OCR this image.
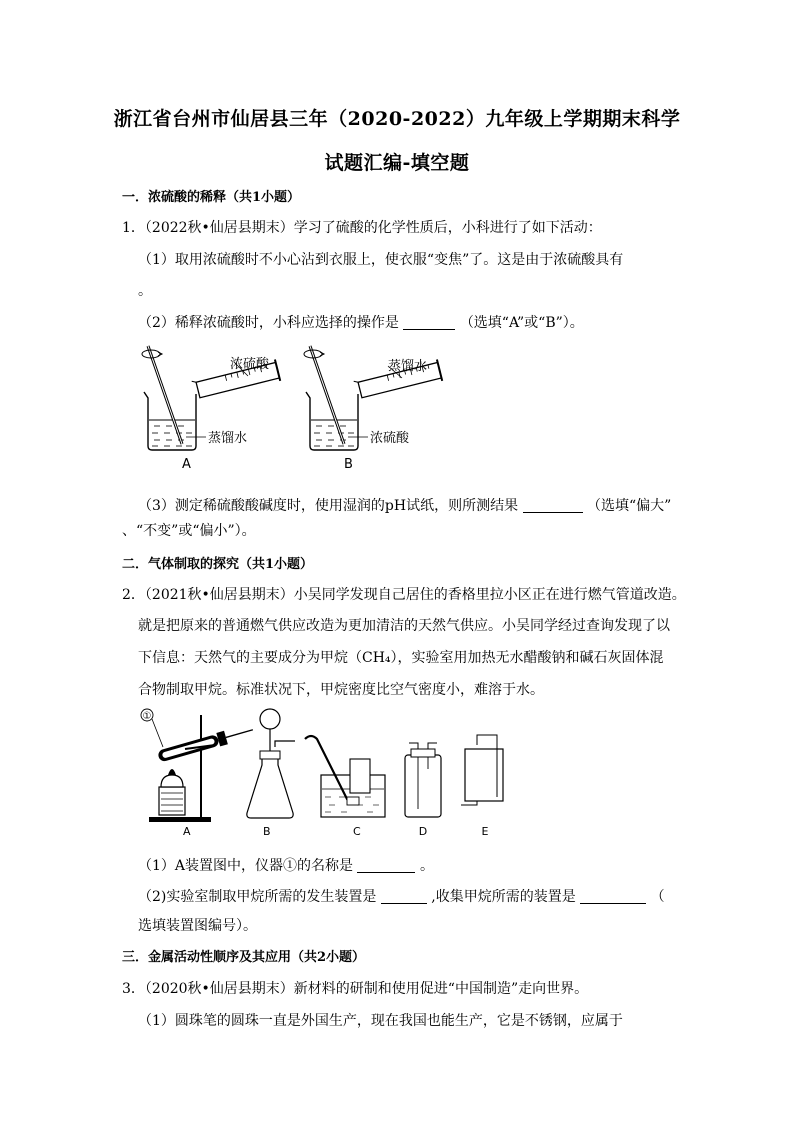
浙江省台州市仙居县三年（2020-2022）九年级上学期期末科学
试题汇编-填空题
一．浓硫酸的稀释（共1小题）
1．（2022秋•仙居县期末）学习了硫酸的化学性质后，小科进行了如下活动：
（1）取用浓硫酸时不小心沾到衣服上，使衣服“变焦”了。这是由于浓硫酸具有
。
（2）稀释浓硫酸时，小科应选择的操作是	（选填“A”或“B”）。
浓硫酸
蒸馏水
A
蒸馏水
浓硫酸
B
（3）测定稀硫酸酸碱度时，使用湿润的pH试纸，则所测结果	（选填“偏大”
、“不变”或“偏小”）。
二．气体制取的探究（共1小题）
2．（2021秋•仙居县期末）小吴同学发现自己居住的香格里拉小区正在进行燃气管道改造。
就是把原来的普通燃气供应改造为更加清洁的天然气供应。小吴同学经过查询发现了以
下信息：天然气的主要成分为甲烷（CH₄），实验室用加热无水醋酸钠和碱石灰固体混
合物制取甲烷。标准状况下，甲烷密度比空气密度小，难溶于水。
①
A	B	C	D	E
（1）A装置图中，仪器①的名称是	。
（2)实验室制取甲烷所需的发生装置是	,收集甲烷所需的装置是	（
选填装置图编号）。
三．金属活动性顺序及其应用（共2小题）
3．（2020秋•仙居县期末）新材料的研制和使用促进“中国制造”走向世界。
（1）圆珠笔的圆珠一直是外国生产，现在我国也能生产，它是不锈钢，应属于
